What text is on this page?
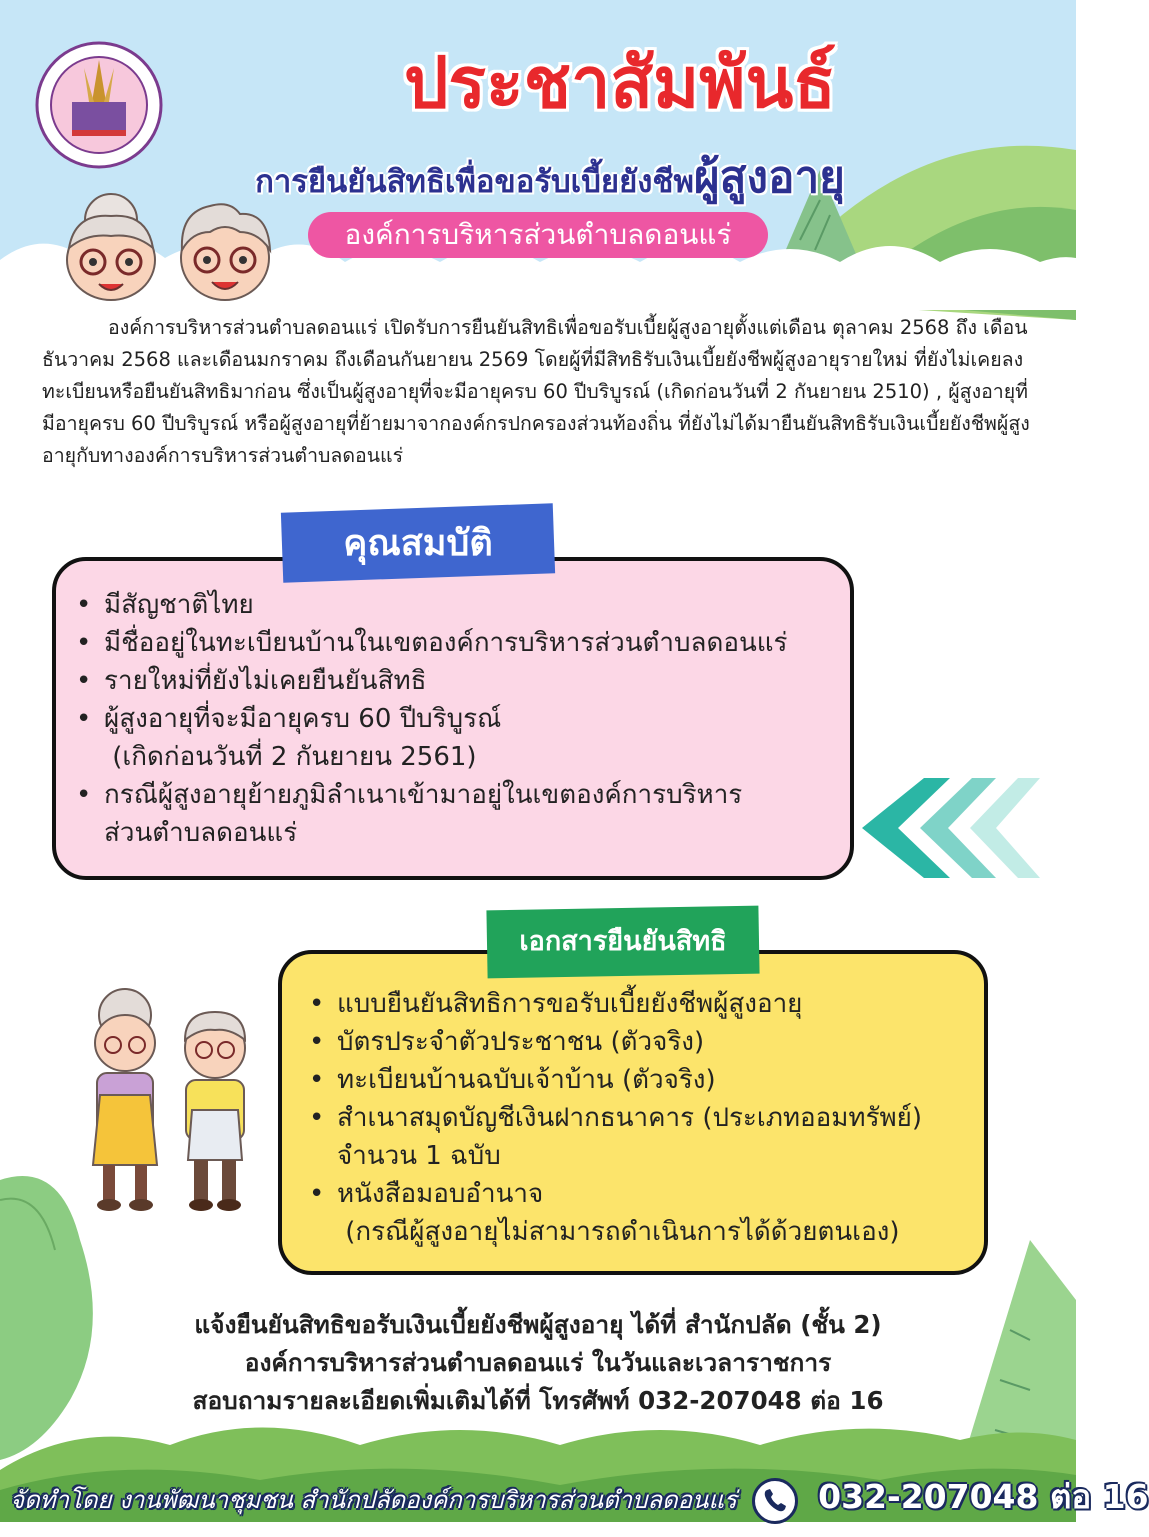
ประชาสัมพันธ์
การยืนยันสิทธิเพื่อขอรับเบี้ยยังชีพผู้สูงอายุ
องค์การบริหารส่วนตำบลดอนแร่
องค์การบริหารส่วนตำบลดอนแร่ เปิดรับการยืนยันสิทธิเพื่อขอรับเบี้ยผู้สูงอายุตั้งแต่เดือน ตุลาคม 2568 ถึง เดือนธันวาคม 2568 และเดือนมกราคม ถึงเดือนกันยายน 2569 โดยผู้ที่มีสิทธิรับเงินเบี้ยยังชีพผู้สูงอายุรายใหม่ ที่ยังไม่เคยลงทะเบียนหรือยืนยันสิทธิมาก่อน ซึ่งเป็นผู้สูงอายุที่จะมีอายุครบ 60 ปีบริบูรณ์ (เกิดก่อนวันที่ 2 กันยายน 2510) , ผู้สูงอายุที่มีอายุครบ 60 ปีบริบูรณ์ หรือผู้สูงอายุที่ย้ายมาจากองค์กรปกครองส่วนท้องถิ่น ที่ยังไม่ได้มายืนยันสิทธิรับเงินเบี้ยยังชีพผู้สูงอายุกับทางองค์การบริหารส่วนตำบลดอนแร่
คุณสมบัติ
• มีสัญชาติไทย
• มีชื่ออยู่ในทะเบียนบ้านในเขตองค์การบริหารส่วนตำบลดอนแร่
• รายใหม่ที่ยังไม่เคยยืนยันสิทธิ
• ผู้สูงอายุที่จะมีอายุครบ 60 ปีบริบูรณ์
(เกิดก่อนวันที่ 2 กันยายน 2561)
• กรณีผู้สูงอายุย้ายภูมิลำเนาเข้ามาอยู่ในเขตองค์การบริหาร
ส่วนตำบลดอนแร่
เอกสารยืนยันสิทธิ
• แบบยืนยันสิทธิการขอรับเบี้ยยังชีพผู้สูงอายุ
• บัตรประจำตัวประชาชน (ตัวจริง)
• ทะเบียนบ้านฉบับเจ้าบ้าน (ตัวจริง)
• สำเนาสมุดบัญชีเงินฝากธนาคาร (ประเภทออมทรัพย์)
จำนวน 1 ฉบับ
• หนังสือมอบอำนาจ
(กรณีผู้สูงอายุไม่สามารถดำเนินการได้ด้วยตนเอง)
แจ้งยืนยันสิทธิขอรับเงินเบี้ยยังชีพผู้สูงอายุ ได้ที่ สำนักปลัด (ชั้น 2)
องค์การบริหารส่วนตำบลดอนแร่ ในวันและเวลาราชการ
สอบถามรายละเอียดเพิ่มเติมได้ที่ โทรศัพท์ 032-207048 ต่อ 16
จัดทำโดย งานพัฒนาชุมชน สำนักปลัดองค์การบริหารส่วนตำบลดอนแร่ 032-207048 ต่อ 16
